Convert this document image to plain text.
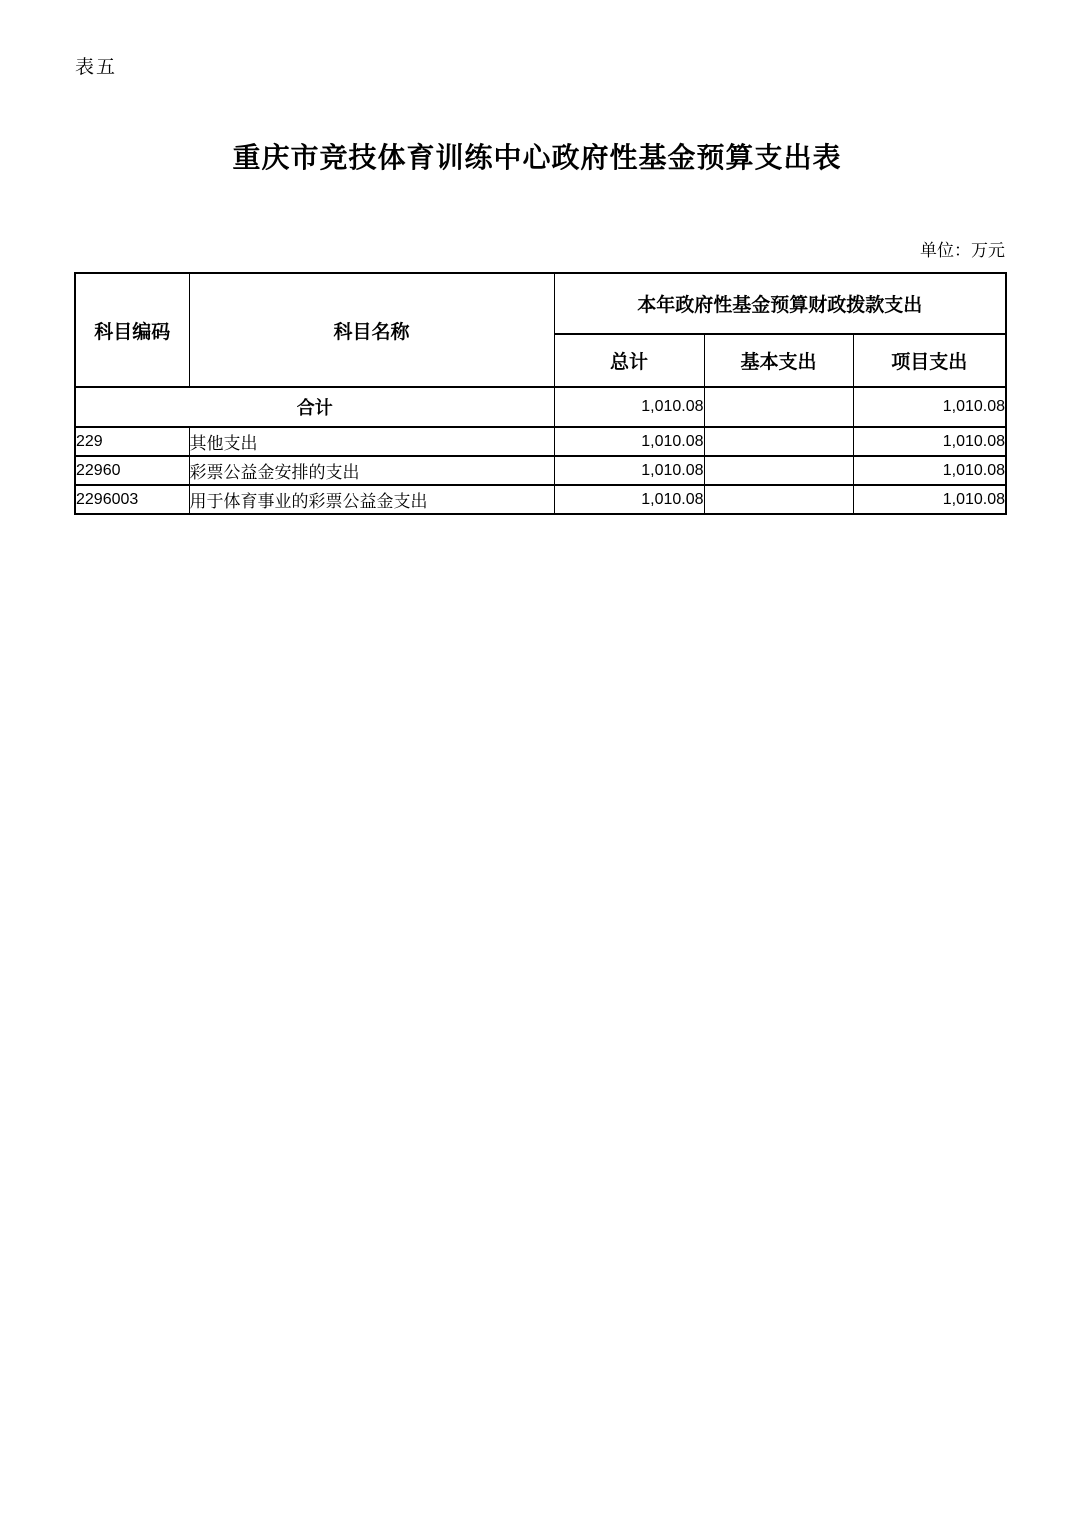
表五
重庆市竞技体育训练中心政府性基金预算支出表
单位：万元
科目编码	科目名称	本年政府性基金预算财政拨款支出		
		总计	基本支出	项目支出
合计		1,010.08		1,010.08
229	其他支出	1,010.08		1,010.08
22960	彩票公益金安排的支出	1,010.08		1,010.08
2296003	用于体育事业的彩票公益金支出	1,010.08		1,010.08
